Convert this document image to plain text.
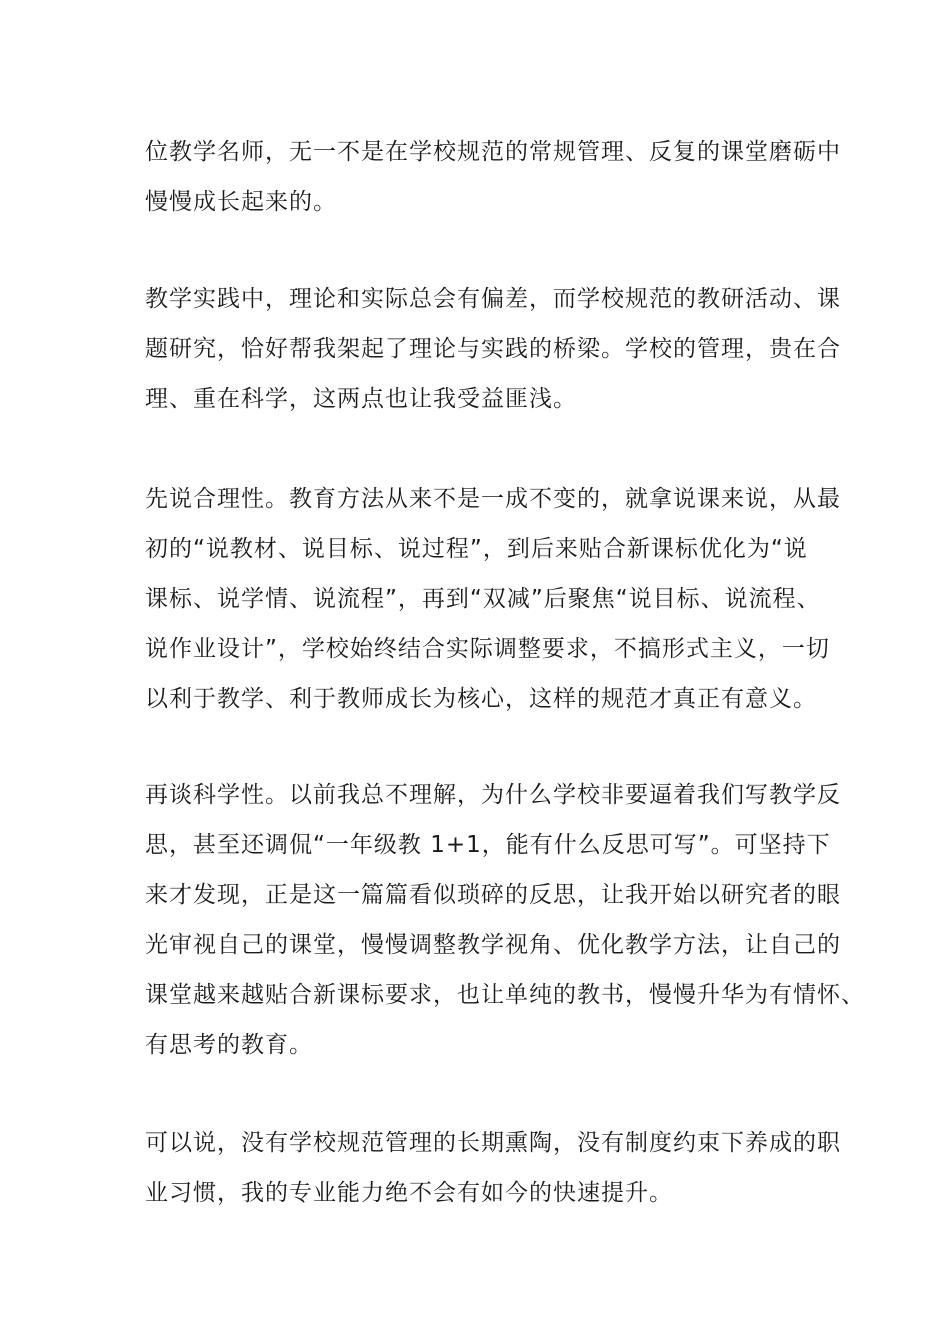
位教学名师，无一不是在学校规范的常规管理、反复的课堂磨砺中
慢慢成长起来的。

教学实践中，理论和实际总会有偏差，而学校规范的教研活动、课
题研究，恰好帮我架起了理论与实践的桥梁。学校的管理，贵在合
理、重在科学，这两点也让我受益匪浅。

先说合理性。教育方法从来不是一成不变的，就拿说课来说，从最
初的“说教材、说目标、说过程”，到后来贴合新课标优化为“说
课标、说学情、说流程”，再到“双减”后聚焦“说目标、说流程、
说作业设计”，学校始终结合实际调整要求，不搞形式主义，一切
以利于教学、利于教师成长为核心，这样的规范才真正有意义。

再谈科学性。以前我总不理解，为什么学校非要逼着我们写教学反
思，甚至还调侃“一年级教 1+1，能有什么反思可写”。可坚持下
来才发现，正是这一篇篇看似琐碎的反思，让我开始以研究者的眼
光审视自己的课堂，慢慢调整教学视角、优化教学方法，让自己的
课堂越来越贴合新课标要求，也让单纯的教书，慢慢升华为有情怀、
有思考的教育。

可以说，没有学校规范管理的长期熏陶，没有制度约束下养成的职
业习惯，我的专业能力绝不会有如今的快速提升。
